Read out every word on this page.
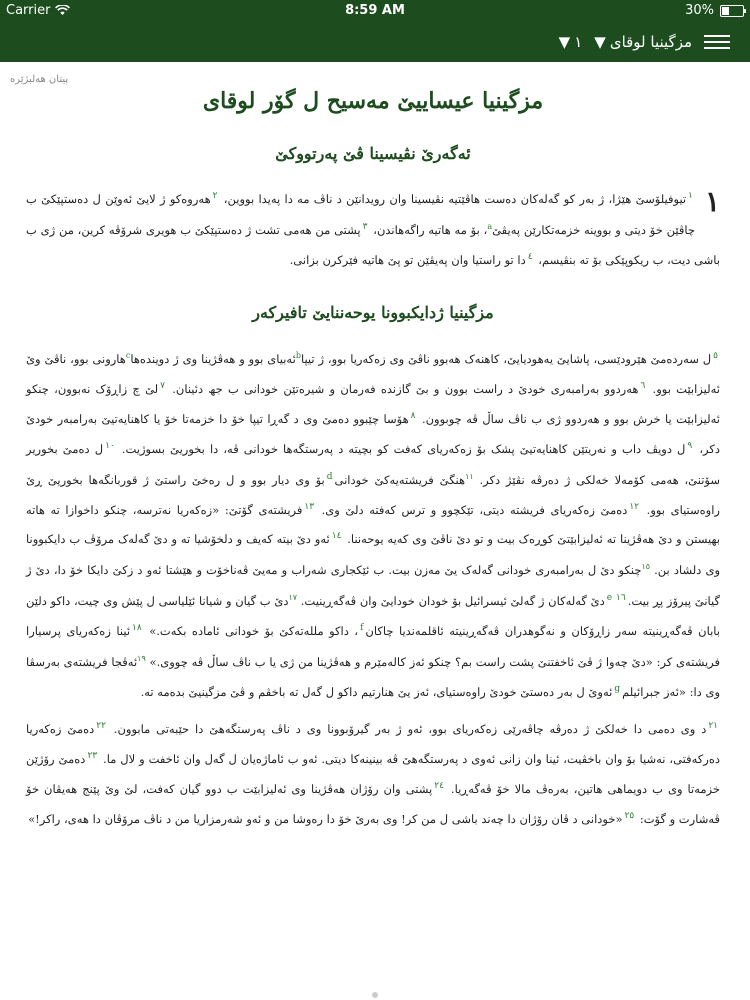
Carrier	8:59 AM	30%
مزگینیا لوقای
▼
١
▼
پیتان هەلبژێرە
مزگینیا عیساییێ مەسیح ل گۆر لوقای
ئەگەرێ نڤیسینا ڤێ پەرتووکێ

١
$^١$تیوفیلۆسێ هێژا، ژ بەر کو گەلەکان دەست هاڤێتیە نڤیسینا وان رویدانێن د ناڤ مە دا پەیدا بووین، $^٢$هەروەکو ژ لایێ ئەوێن ل دەستپێکێ ب چاڤێن خۆ دیتی و بووینە خزمەتکارێن پەیڤێ$^a$، بۆ مە هاتیە راگەهاندن، $^٣$پشتی من هەمی تشت ژ دەستپێکێ ب هویری شرۆڤە کرین، من ژی ب باشی دیت، ب ریکوپێکی بۆ تە بنڤیسم، $^٤$دا تو راستیا وان پەیڤێن تو پێ هاتیە فێرکرن بزانی.

مزگینیا ژدایکبوونا یوحەننایێ تافیرکەر

$^٥$ل سەردەمێ هێرودێسی، پاشایێ یەهودیایێ، کاهنەک هەبوو ناڤێ وی زەکەریا بوو، ژ تیپا$^b$ئەبیای بوو و هەڤژینا وی ژ دویندەها$^c$هارونی بوو، ناڤێ وێ ئەلیزابێت بوو. $^٦$هەردوو بەرامبەری خودێ د راست بوون و بێ گازندە فەرمان و شیرەتێن خودانی ب جھ دئینان. $^٧$لێ چ زاڕۆک نەبوون، چنکو ئەلیزابێت یا خرش بوو و هەردوو ژی ب ناڤ ساڵ ڤە چوبوون. $^٨$هۆسا چێبوو دەمێ وی د گەڕا تیپا خۆ دا خزمەتا خۆ یا کاهنایەتیێ بەرامبەر خودێ دکر، $^٩$ل دویڤ داب و نەریتێن کاهنایەتیێ پشک بۆ زەکەریای کەفت کو بچیتە د پەرستگەها خودانی ڤە، دا بخوریێ بسوژیت. $^{١٠}$ل دەمێ بخوریر سۆتنێ، هەمی کۆمەلا خەلکی ژ دەرڤە نڤێژ دکر. $^{١١}$هنگێ فریشتەیەکێ خودانی$^d$بۆ وی دیار بوو و ل رەخێ راستێ ژ قوربانگەها بخوریێ ڕێ راوەستیای بوو. $^{١٢}$دەمێ زەکەریای فریشتە دیتی، تێکچوو و ترس کەفتە دلێ وی. $^{١٣}$فریشتەی گۆتێ: «زەکەریا نەترسە، چنکو داخوازا تە هاتە بهیستن و دێ هەڤژینا تە ئەلیزابێتێ کوڕەک بیت و تو دێ ناڤێ وی کەیە یوحەننا. $^{١٤}$ئەو دێ بیتە کەیف و دلخۆشیا تە و دێ گەلەک مرۆڤ ب دایکبوونا وی دلشاد بن. $^{١٥}$چنکو دێ ل بەرامبەری خودانی گەلەک یێ مەزن بیت. ب ئێکجاری شەراب و مەیێ ڤەناخۆت و هێشتا ئەو د زکێ دایکا خۆ دا، دێ ژ گیانێ پیرۆز پڕ بیت.$^e$ $^{١٦}$دێ گەلەکان ژ گەلێ ئیسرائیل بۆ خودان خودایێ وان ڤەگەڕینیت. $^{١٧}$دێ ب گیان و شیانا ئێلیاسی ل پێش وی چیت، داکو دلێن بابان ڤەگەڕینیتە سەر زاڕۆکان و نەگوهدران ڤەگەڕینیتە ئاقلمەندیا چاکان$^f$، داکو مللەتەکێ بۆ خودانی ئامادە بکەت.» $^{١٨}$ئینا زەکەریای پرسیارا فریشتەی کر: «دێ چەوا ژ ڤێ ئاخفتنێ پشت راست بم؟ چنکو ئەز کالەمێرم و هەڤژینا من ژی یا ب ناڤ ساڵ ڤە چووی.» $^{١٩}$ئەڤجا فریشتەی بەرسڤا وی دا: «ئەز جبرائیلم$^g$ئەوێ ل بەر دەستێ خودێ راوەستیای، ئەز یێ هنارتیم داکو ل گەل تە باخڤم و ڤێ مزگینیێ بدەمە تە.

$^{٢١}$د وی دەمی دا خەلکێ ژ دەرڤە چاڤەرێی زەکەریای بوو، ئەو ژ بەر گیرۆبوونا وی د ناڤ پەرستگەهێ دا حێبەتی مابوون. $^{٢٢}$دەمێ زەکەریا دەرکەفتی، نەشیا بۆ وان باخڤیت، ئینا وان زانی ئەوی د پەرستگەهێ ڤە بینینەکا دیتی. ئەو ب ئاماژەیان ل گەل وان ئاخفت و لال ما. $^{٢٣}$دەمێ رۆژێن خزمەتا وی ب دویماهی هاتین، بەرەڤ مالا خۆ ڤەگەڕیا. $^{٢٤}$پشتی وان رۆژان هەڤژینا وی ئەلیزابێت ب دوو گیان کەفت، لێ وێ پێنج هەیڤان خۆ ڤەشارت و گۆت: $^{٢٥}$«خودانی د ڤان رۆژان دا چەند باشی ل من کر! وی بەرێ خۆ دا رەوشا من و ئەو شەرمزاریا من د ناڤ مرۆڤان دا هەی، راکر!»
